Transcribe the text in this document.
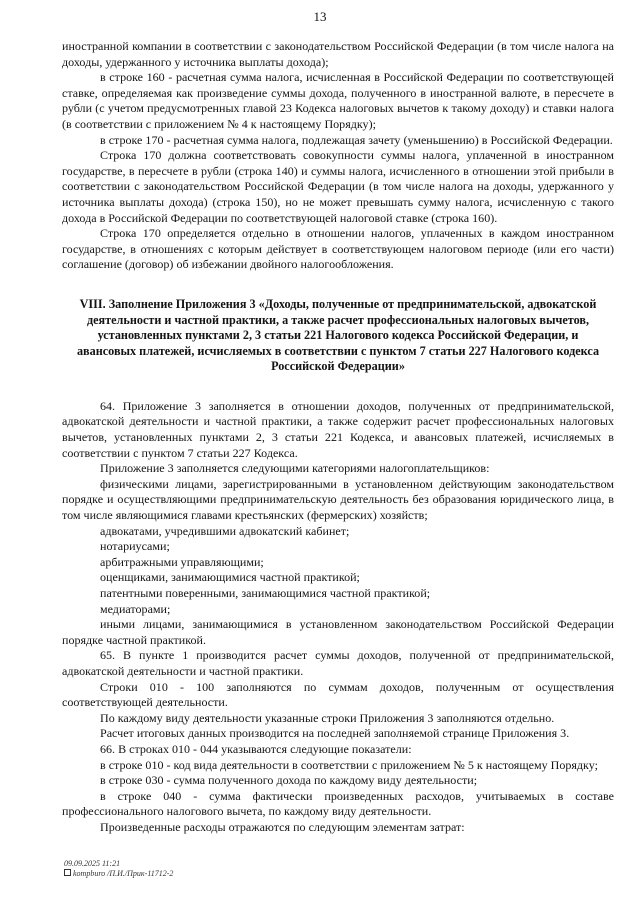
13

иностранной компании в соответствии с законодательством Российской Федерации (в том числе налога на доходы, удержанного у источника выплаты дохода);

в строке 160 - расчетная сумма налога, исчисленная в Российской Федерации по соответствующей ставке, определяемая как произведение суммы дохода, полученного в иностранной валюте, в пересчете в рубли (с учетом предусмотренных главой 23 Кодекса налоговых вычетов к такому доходу) и ставки налога (в соответствии с приложением № 4 к настоящему Порядку);

в строке 170 - расчетная сумма налога, подлежащая зачету (уменьшению) в Российской Федерации.

Строка 170 должна соответствовать совокупности суммы налога, уплаченной в иностранном государстве, в пересчете в рубли (строка 140) и суммы налога, исчисленного в отношении этой прибыли в соответствии с законодательством Российской Федерации (в том числе налога на доходы, удержанного у источника выплаты дохода) (строка 150), но не может превышать сумму налога, исчисленную с такого дохода в Российской Федерации по соответствующей налоговой ставке (строка 160).

Строка 170 определяется отдельно в отношении налогов, уплаченных в каждом иностранном государстве, в отношениях с которым действует в соответствующем налоговом периоде (или его части) соглашение (договор) об избежании двойного налогообложения.

VIII. Заполнение Приложения 3 «Доходы, полученные от предпринимательской, адвокатской деятельности и частной практики, а также расчет профессиональных налоговых вычетов, установленных пунктами 2, 3 статьи 221 Налогового кодекса Российской Федерации, и авансовых платежей, исчисляемых в соответствии с пунктом 7 статьи 227 Налогового кодекса Российской Федерации»

64. Приложение 3 заполняется в отношении доходов, полученных от предпринимательской, адвокатской деятельности и частной практики, а также содержит расчет профессиональных налоговых вычетов, установленных пунктами 2, 3 статьи 221 Кодекса, и авансовых платежей, исчисляемых в соответствии с пунктом 7 статьи 227 Кодекса.

Приложение 3 заполняется следующими категориями налогоплательщиков:

физическими лицами, зарегистрированными в установленном действующим законодательством порядке и осуществляющими предпринимательскую деятельность без образования юридического лица, в том числе являющимися главами крестьянских (фермерских) хозяйств;

адвокатами, учредившими адвокатский кабинет;

нотариусами;

арбитражными управляющими;

оценщиками, занимающимися частной практикой;

патентными поверенными, занимающимися частной практикой;

медиаторами;

иными лицами, занимающимися в установленном законодательством Российской Федерации порядке частной практикой.

65. В пункте 1 производится расчет суммы доходов, полученной от предпринимательской, адвокатской деятельности и частной практики.

Строки 010 - 100 заполняются по суммам доходов, полученным от осуществления соответствующей деятельности.

По каждому виду деятельности указанные строки Приложения 3 заполняются отдельно.

Расчет итоговых данных производится на последней заполняемой странице Приложения 3.

66. В строках 010 - 044 указываются следующие показатели:

в строке 010 - код вида деятельности в соответствии с приложением № 5 к настоящему Порядку;

в строке 030 - сумма полученного дохода по каждому виду деятельности;

в строке 040 - сумма фактически произведенных расходов, учитываемых в составе профессионального налогового вычета, по каждому виду деятельности.

Произведенные расходы отражаются по следующим элементам затрат:

09.09.2025 11:21
kompburo /П.И./Прик-11712-2
